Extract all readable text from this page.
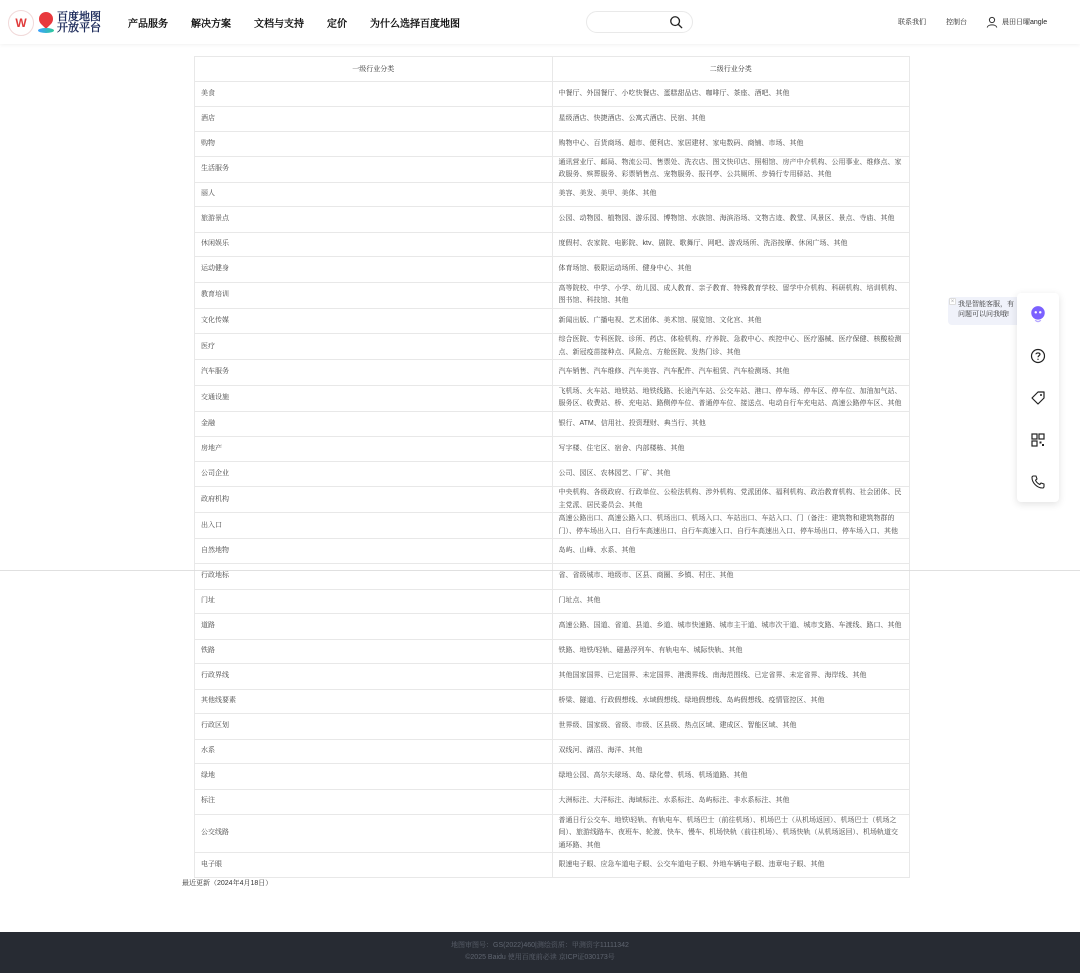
W	百度地图
开放平台	产品服务 解决方案 文档与支持 定价 为什么选择百度地图	联系我们	控制台	晨田日曜angle
一级行业分类	二级行业分类
美食	中餐厅、外国餐厅、小吃快餐店、蛋糕甜品店、咖啡厅、茶座、酒吧、其他
酒店	星级酒店、快捷酒店、公寓式酒店、民宿、其他
购物	购物中心、百货商场、超市、便利店、家居建材、家电数码、商铺、市场、其他
生活服务	通讯营业厅、邮局、物流公司、售票处、洗衣店、图文快印店、照相馆、房产中介机构、公用事业、维修点、家政服务、殡葬服务、彩票销售点、宠物服务、报刊亭、公共厕所、步骑行专用驿站、其他
丽人	美容、美发、美甲、美体、其他
旅游景点	公园、动物园、植物园、游乐园、博物馆、水族馆、海滨浴场、文物古迹、教堂、风景区、景点、寺庙、其他
休闲娱乐	度假村、农家院、电影院、ktv、剧院、歌舞厅、网吧、游戏场所、洗浴按摩、休闲广场、其他
运动健身	体育场馆、极限运动场所、健身中心、其他
教育培训	高等院校、中学、小学、幼儿园、成人教育、亲子教育、特殊教育学校、留学中介机构、科研机构、培训机构、图书馆、科技馆、其他
文化传媒	新闻出版、广播电视、艺术团体、美术馆、展览馆、文化宫、其他
医疗	综合医院、专科医院、诊所、药店、体检机构、疗养院、急救中心、疾控中心、医疗器械、医疗保健、核酸检测点、新冠疫苗接种点、风险点、方舱医院、发热门诊、其他
汽车服务	汽车销售、汽车维修、汽车美容、汽车配件、汽车租赁、汽车检测场、其他
交通设施	飞机场、火车站、地铁站、地铁线路、长途汽车站、公交车站、港口、停车场、停车区、停车位、加油加气站、服务区、收费站、桥、充电站、路侧停车位、普通停车位、接送点、电动自行车充电站、高速公路停车区、其他
金融	银行、ATM、信用社、投资理财、典当行、其他
房地产	写字楼、住宅区、宿舍、内部楼栋、其他
公司企业	公司、园区、农林园艺、厂矿、其他
政府机构	中央机构、各级政府、行政单位、公检法机构、涉外机构、党派团体、福利机构、政治教育机构、社会团体、民主党派、居民委员会、其他
出入口	高速公路出口、高速公路入口、机场出口、机场入口、车站出口、车站入口、门（备注：建筑物和建筑物群的门）、停车场出入口、自行车高速出口、自行车高速入口、自行车高速出入口、停车场出口、停车场入口、其他
自然地物	岛屿、山峰、水系、其他
行政地标	省、省级城市、地级市、区县、商圈、乡镇、村庄、其他
门址	门址点、其他
道路	高速公路、国道、省道、县道、乡道、城市快速路、城市主干道、城市次干道、城市支路、车渡线、路口、其他
铁路	铁路、地铁/轻轨、磁悬浮列车、有轨电车、城际快轨、其他
行政界线	其他国家国界、已定国界、未定国界、港澳界线、南海范围线、已定省界、未定省界、海岸线、其他
其他线要素	桥梁、隧道、行政假想线、水域假想线、绿地假想线、岛屿假想线、疫情管控区、其他
行政区划	世界级、国家级、省级、市级、区县级、热点区域、建成区、智能区域、其他
水系	双线河、湖沼、海洋、其他
绿地	绿地公园、高尔夫球场、岛、绿化带、机场、机场道路、其他
标注	大洲标注、大洋标注、海域标注、水系标注、岛屿标注、非水系标注、其他
公交线路	普通日行公交车、地铁\轻轨、有轨电车、机场巴士（前往机场）、机场巴士（从机场返回）、机场巴士（机场之间）、旅游线路车、夜班车、轮渡、快车、慢车、机场快轨（前往机场）、机场快轨（从机场返回）、机场轨道交通环路、其他
电子眼	限速电子眼、应急车道电子眼、公交车道电子眼、外地车辆电子眼、违章电子眼、其他
最近更新（2024年4月18日）
× 我是智能客服，有问题可以问我哦!

地图审图号：GS(2022)460|测绘资质：甲测资字11111342

©2025 Baidu 使用百度前必读 京ICP证030173号
